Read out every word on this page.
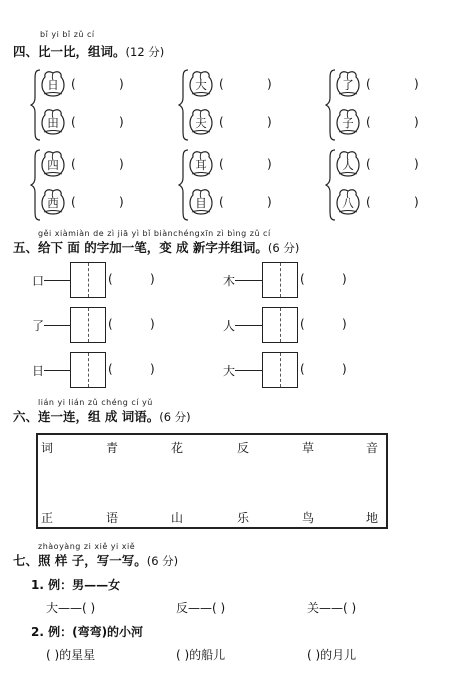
bǐ yi bǐ zǔ cí
四、比一比，组词。(12 分)
日	(	)
田	(	)
大	(	)
天	(	)
了	(	)
子	(	)
四	(	)
西	(	)
耳	(	)
目	(	)
人	(	)
八	(	)
gěi xiàmiàn de zì jiā yì bǐ biànchéngxīn zì bìng zǔ cí
五、给下 面 的字加一笔，变 成 新字并组词。(6 分)
口	(	)	木	(	)
了	(	)	人	(	)
日	(	)	大	(	)
lián yi lián zǔ chéng cí yǔ
六、连一连，组 成 词语。(6 分)
词	青	花	反	草	音
正	语	山	乐	鸟	地
zhàoyàng zi xiě yi xiě
七、照 样 子，写一写。(6 分)
1. 例：男——女
大——( )	反——( )	关——( )
2. 例：(弯弯)的小河
( )的星星	( )的船儿	( )的月儿
